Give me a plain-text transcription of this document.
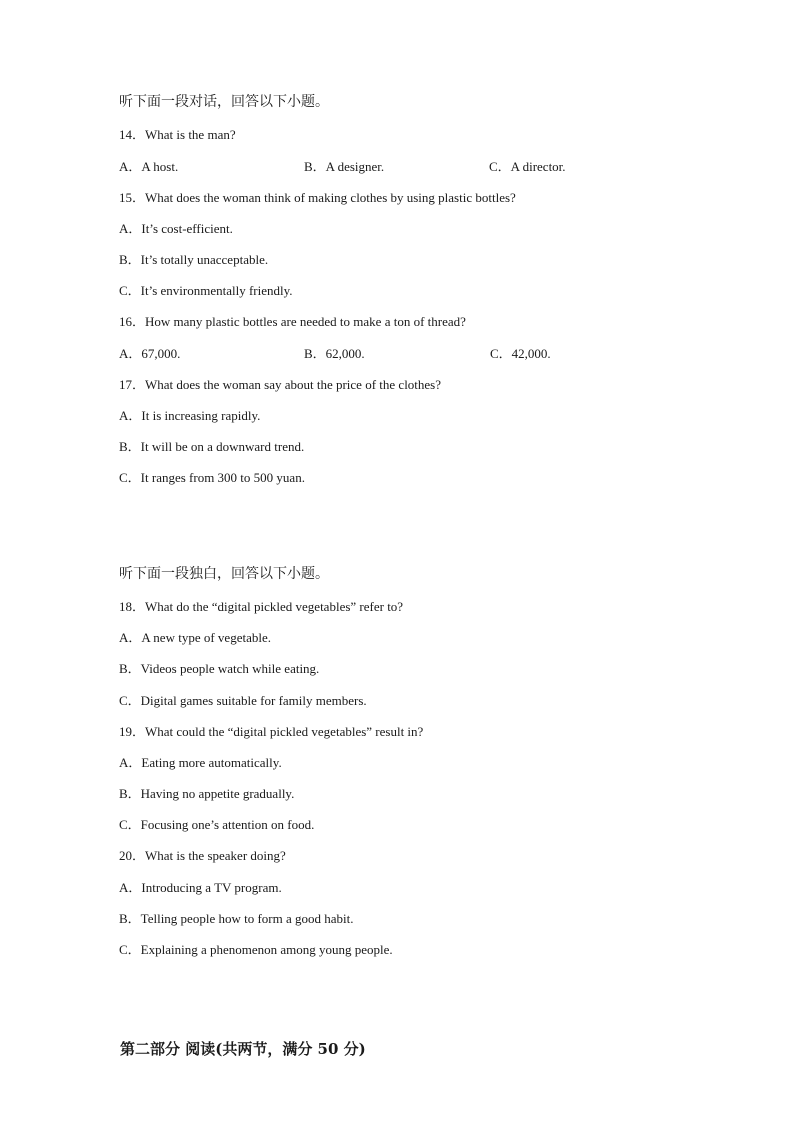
听下面一段对话，回答以下小题。
14．What is the man?
A．A host.	B．A designer.	C．A director.
15．What does the woman think of making clothes by using plastic bottles?
A．It’s cost-efficient.
B．It’s totally unacceptable.
C．It’s environmentally friendly.
16．How many plastic bottles are needed to make a ton of thread?
A．67,000.	B．62,000.	C．42,000.
17．What does the woman say about the price of the clothes?
A．It is increasing rapidly.
B．It will be on a downward trend.
C．It ranges from 300 to 500 yuan.
听下面一段独白，回答以下小题。
18．What do the “digital pickled vegetables” refer to?
A．A new type of vegetable.
B．Videos people watch while eating.
C．Digital games suitable for family members.
19．What could the “digital pickled vegetables” result in?
A．Eating more automatically.
B．Having no appetite gradually.
C．Focusing one’s attention on food.
20．What is the speaker doing?
A．Introducing a TV program.
B．Telling people how to form a good habit.
C．Explaining a phenomenon among young people.
第二部分 阅读(共两节，满分 50 分)
